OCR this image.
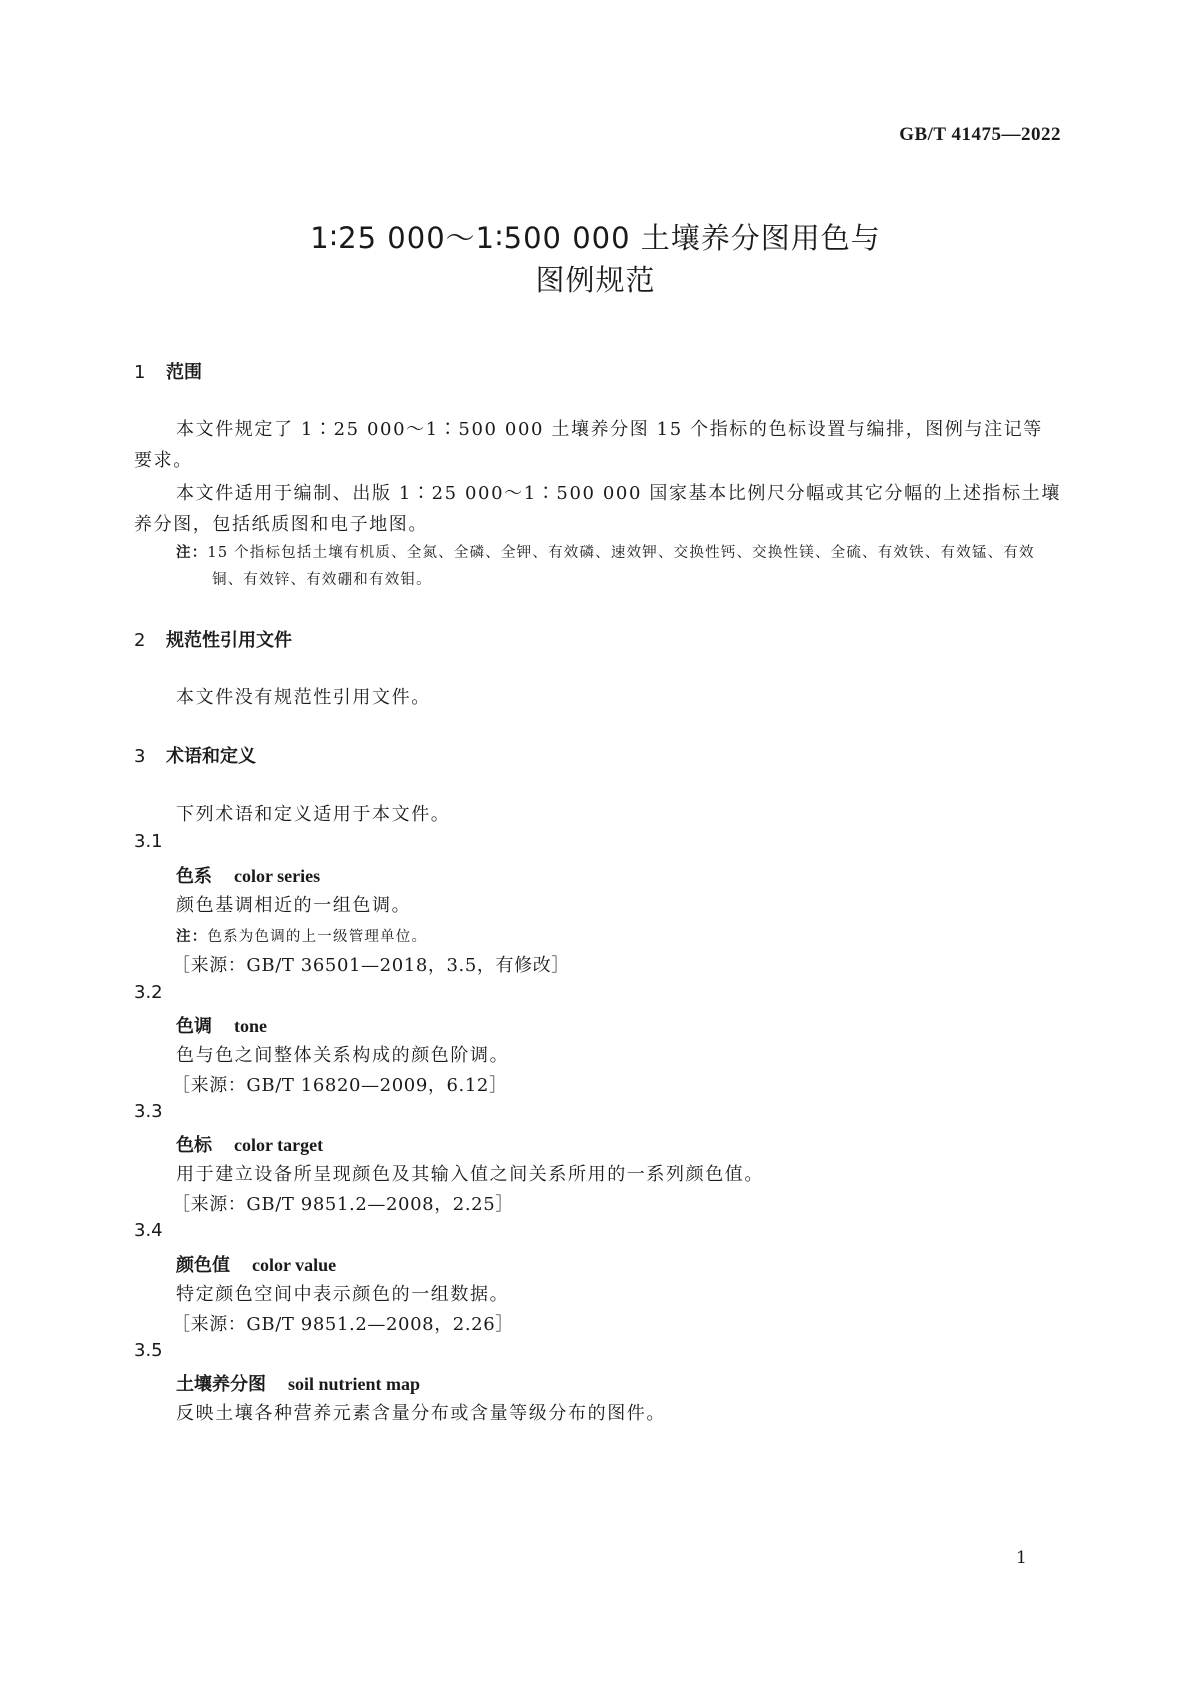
GB/T 41475—2022
1∶25 000～1∶500 000 土壤养分图用色与
图例规范
1 范围
本文件规定了 1∶25 000～1∶500 000 土壤养分图 15 个指标的色标设置与编排，图例与注记等
要求。
本文件适用于编制、出版 1∶25 000～1∶500 000 国家基本比例尺分幅或其它分幅的上述指标土壤
养分图，包括纸质图和电子地图。
注：15 个指标包括土壤有机质、全氮、全磷、全钾、有效磷、速效钾、交换性钙、交换性镁、全硫、有效铁、有效锰、有效
铜、有效锌、有效硼和有效钼。
2 规范性引用文件
本文件没有规范性引用文件。
3 术语和定义
下列术语和定义适用于本文件。
3.1
色系 color series
颜色基调相近的一组色调。
注：色系为色调的上一级管理单位。
［来源：GB/T 36501—2018，3.5，有修改］
3.2
色调 tone
色与色之间整体关系构成的颜色阶调。
［来源：GB/T 16820—2009，6.12］
3.3
色标 color target
用于建立设备所呈现颜色及其输入值之间关系所用的一系列颜色值。
［来源：GB/T 9851.2—2008，2.25］
3.4
颜色值 color value
特定颜色空间中表示颜色的一组数据。
［来源：GB/T 9851.2—2008，2.26］
3.5
土壤养分图 soil nutrient map
反映土壤各种营养元素含量分布或含量等级分布的图件。
1
